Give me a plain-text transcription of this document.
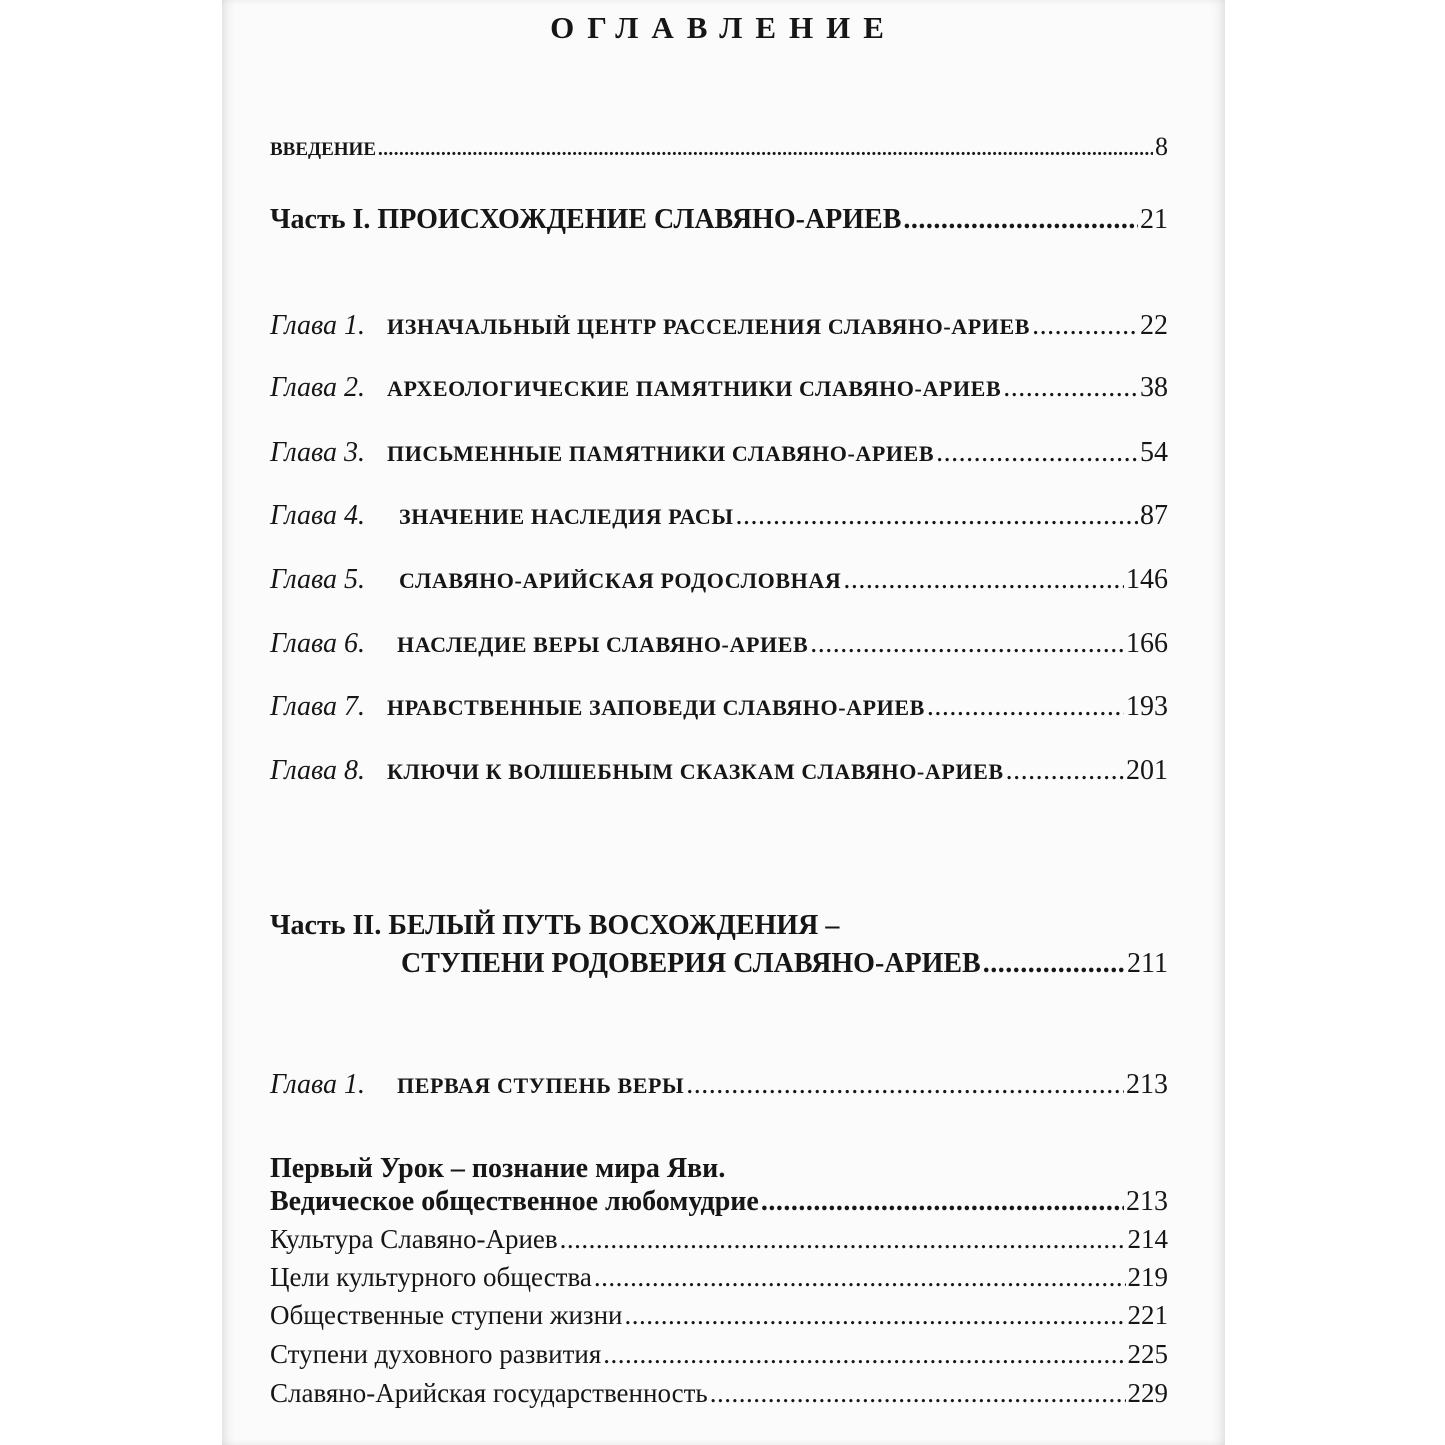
ОГЛАВЛЕНИЕ
ВВЕДЕНИЕ .....	8
Часть I. ПРОИСХОЖДЕНИЕ СЛАВЯНО-АРИЕВ .....	21
Глава 1. ИЗНАЧАЛЬНЫЙ ЦЕНТР РАССЕЛЕНИЯ СЛАВЯНО-АРИЕВ .....	22
Глава 2. АРХЕОЛОГИЧЕСКИЕ ПАМЯТНИКИ СЛАВЯНО-АРИЕВ .....	38
Глава 3. ПИСЬМЕННЫЕ ПАМЯТНИКИ СЛАВЯНО-АРИЕВ .....	54
Глава 4. ЗНАЧЕНИЕ НАСЛЕДИЯ РАСЫ .....	87
Глава 5. СЛАВЯНО-АРИЙСКАЯ РОДОСЛОВНАЯ .....	146
Глава 6. НАСЛЕДИЕ ВЕРЫ СЛАВЯНО-АРИЕВ .....	166
Глава 7. НРАВСТВЕННЫЕ ЗАПОВЕДИ СЛАВЯНО-АРИЕВ .....	193
Глава 8. КЛЮЧИ К ВОЛШЕБНЫМ СКАЗКАМ СЛАВЯНО-АРИЕВ .....	201
Часть II. БЕЛЫЙ ПУТЬ ВОСХОЖДЕНИЯ –
СТУПЕНИ РОДОВЕРИЯ СЛАВЯНО-АРИЕВ .....	211
Глава 1. ПЕРВАЯ СТУПЕНЬ ВЕРЫ .....	213
Первый Урок – познание мира Яви.
Ведическое общественное любомудрие .....	213
Культура Славяно-Ариев .....	214
Цели культурного общества .....	219
Общественные ступени жизни .....	221
Ступени духовного развития .....	225
Славяно-Арийская государственность .....	229
